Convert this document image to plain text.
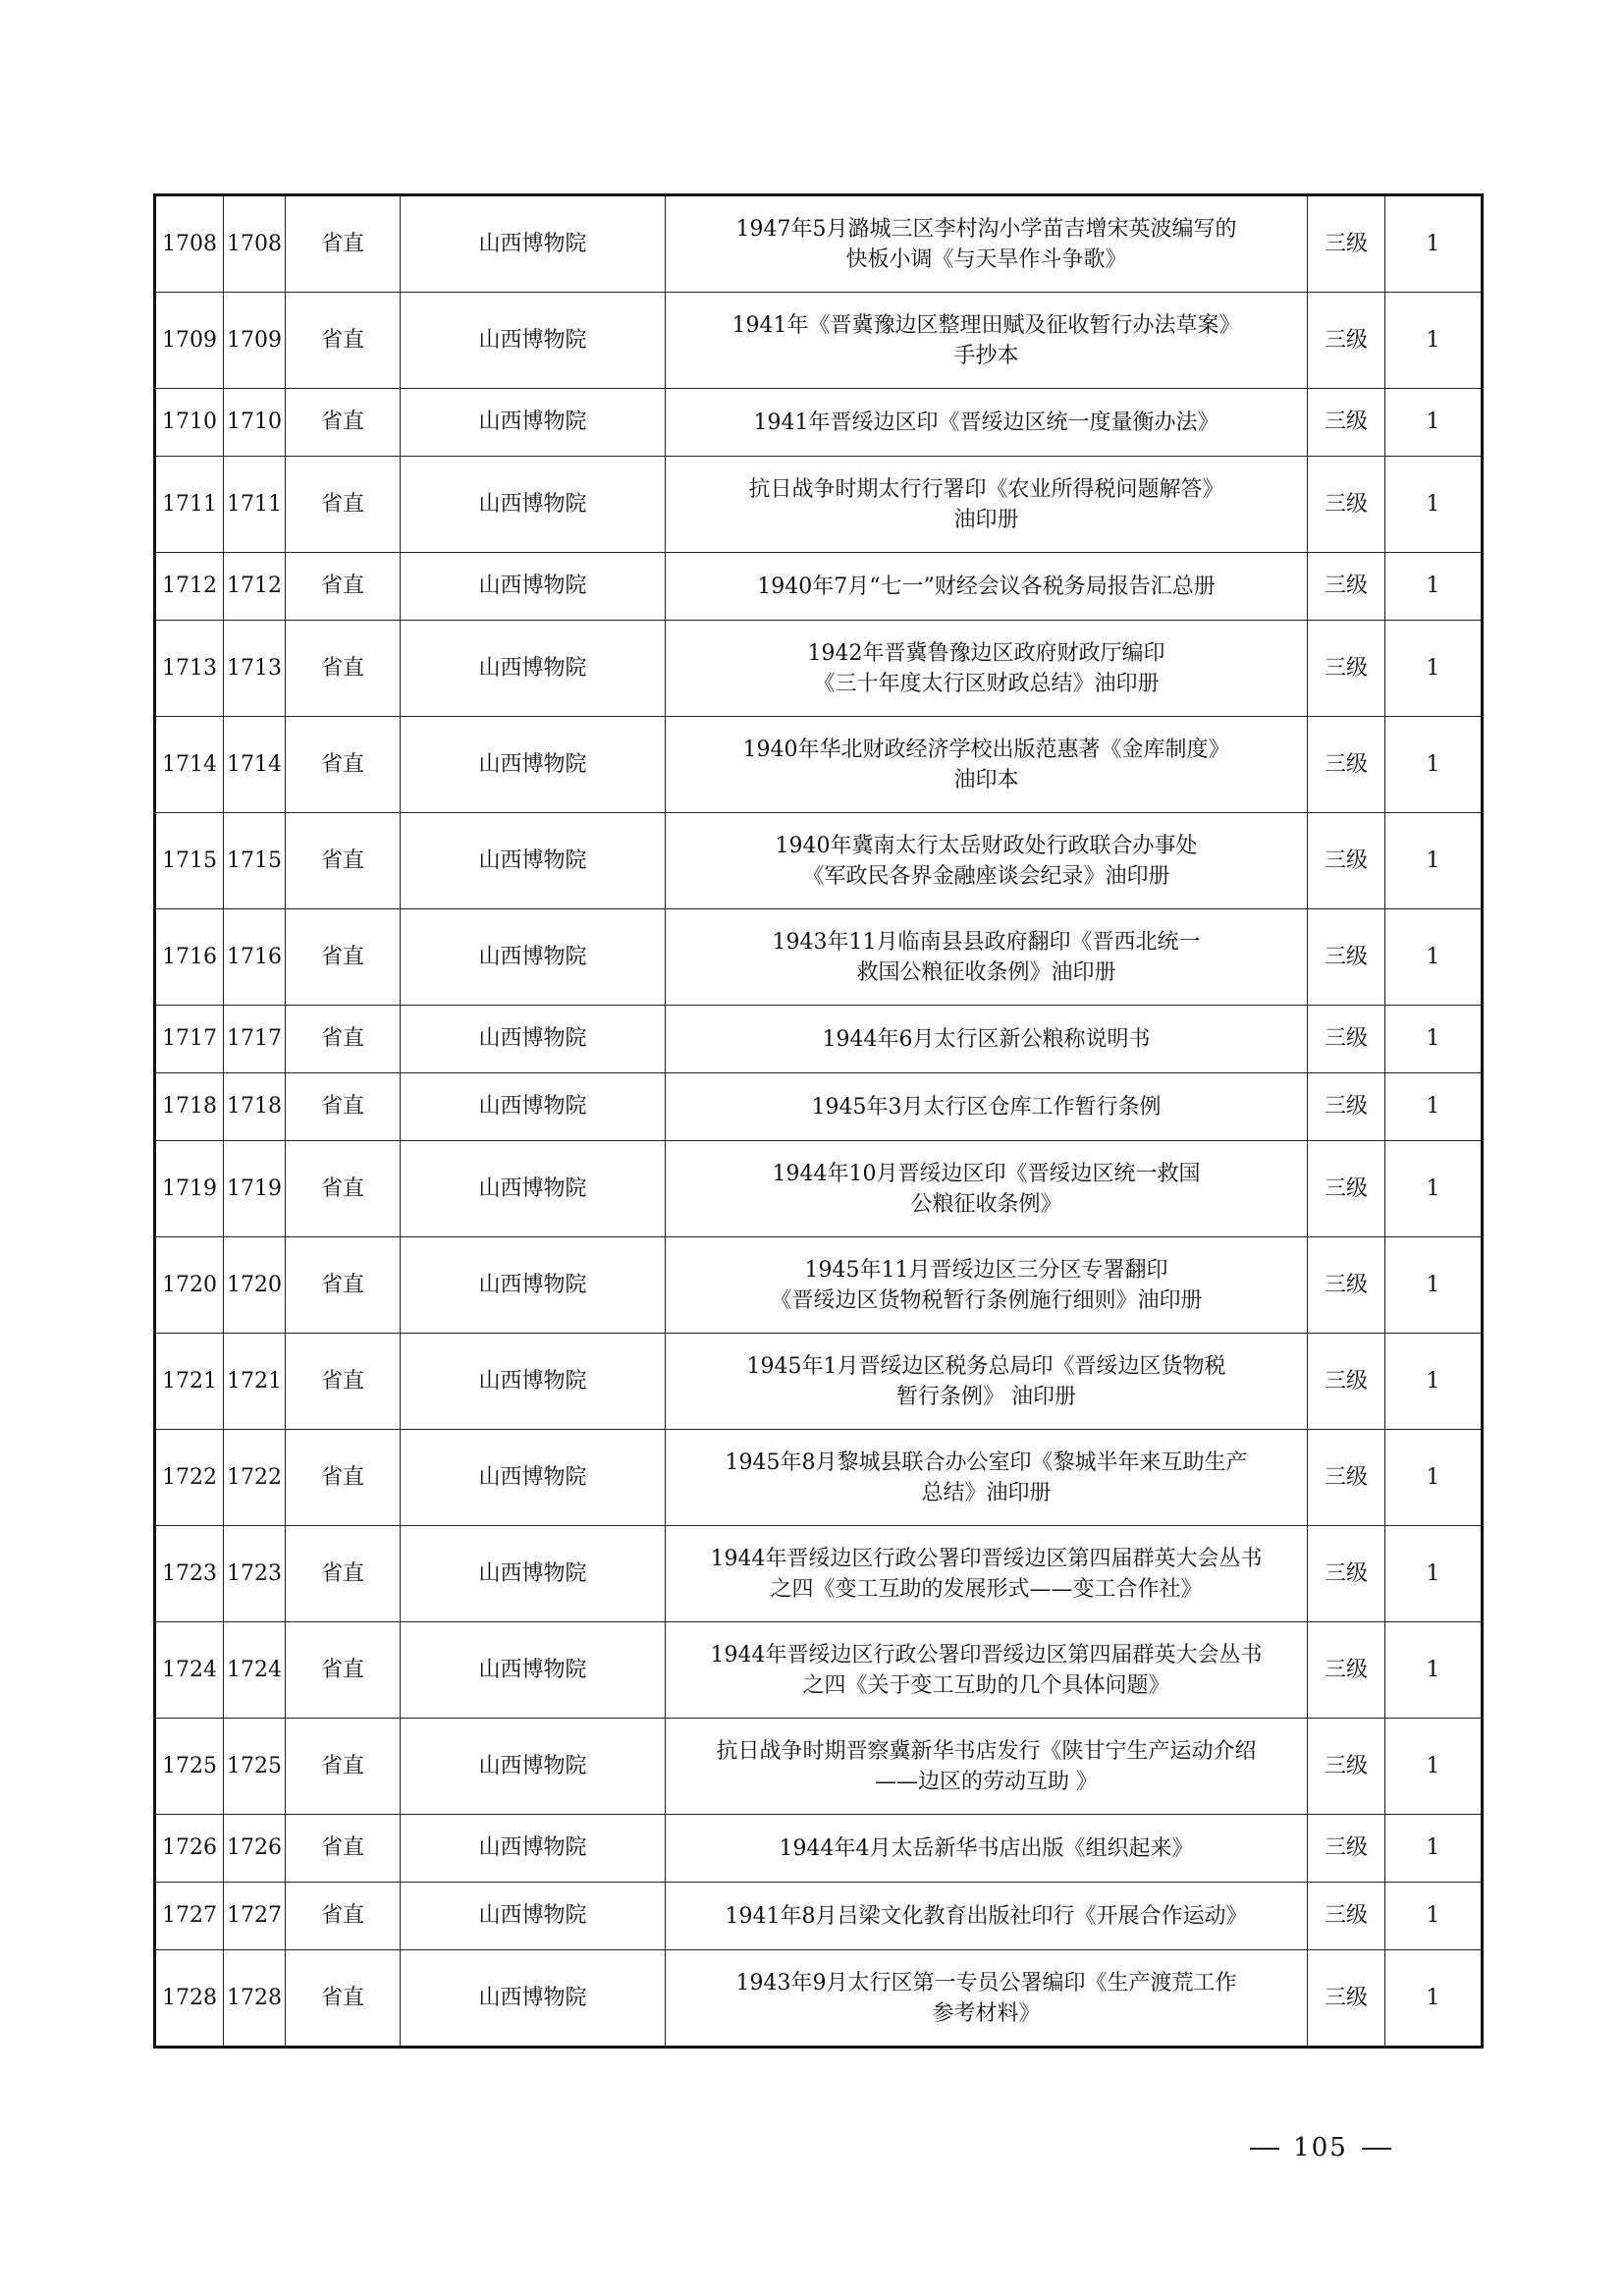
1708	1708	省直	山西博物院	1947年5月潞城三区李村沟小学苗吉增宋英波编写的
快板小调《与天旱作斗争歌》	三级	1
1709	1709	省直	山西博物院	1941年《晋冀豫边区整理田赋及征收暂行办法草案》
手抄本	三级	1
1710	1710	省直	山西博物院	1941年晋绥边区印《晋绥边区统一度量衡办法》	三级	1
1711	1711	省直	山西博物院	抗日战争时期太行行署印《农业所得税问题解答》
油印册	三级	1
1712	1712	省直	山西博物院	1940年7月“七一”财经会议各税务局报告汇总册	三级	1
1713	1713	省直	山西博物院	1942年晋冀鲁豫边区政府财政厅编印
《三十年度太行区财政总结》油印册	三级	1
1714	1714	省直	山西博物院	1940年华北财政经济学校出版范惠著《金库制度》
油印本	三级	1
1715	1715	省直	山西博物院	1940年冀南太行太岳财政处行政联合办事处
《军政民各界金融座谈会纪录》油印册	三级	1
1716	1716	省直	山西博物院	1943年11月临南县县政府翻印《晋西北统一
救国公粮征收条例》油印册	三级	1
1717	1717	省直	山西博物院	1944年6月太行区新公粮称说明书	三级	1
1718	1718	省直	山西博物院	1945年3月太行区仓库工作暂行条例	三级	1
1719	1719	省直	山西博物院	1944年10月晋绥边区印《晋绥边区统一救国
公粮征收条例》	三级	1
1720	1720	省直	山西博物院	1945年11月晋绥边区三分区专署翻印
《晋绥边区货物税暂行条例施行细则》油印册	三级	1
1721	1721	省直	山西博物院	1945年1月晋绥边区税务总局印《晋绥边区货物税
暂行条例》 油印册	三级	1
1722	1722	省直	山西博物院	1945年8月黎城县联合办公室印《黎城半年来互助生产
总结》油印册	三级	1
1723	1723	省直	山西博物院	1944年晋绥边区行政公署印晋绥边区第四届群英大会丛书
之四《变工互助的发展形式——变工合作社》	三级	1
1724	1724	省直	山西博物院	1944年晋绥边区行政公署印晋绥边区第四届群英大会丛书
之四《关于变工互助的几个具体问题》	三级	1
1725	1725	省直	山西博物院	抗日战争时期晋察冀新华书店发行《陕甘宁生产运动介绍
——边区的劳动互助 》	三级	1
1726	1726	省直	山西博物院	1944年4月太岳新华书店出版《组织起来》	三级	1
1727	1727	省直	山西博物院	1941年8月吕梁文化教育出版社印行《开展合作运动》	三级	1
1728	1728	省直	山西博物院	1943年9月太行区第一专员公署编印《生产渡荒工作
参考材料》	三级	1
105
